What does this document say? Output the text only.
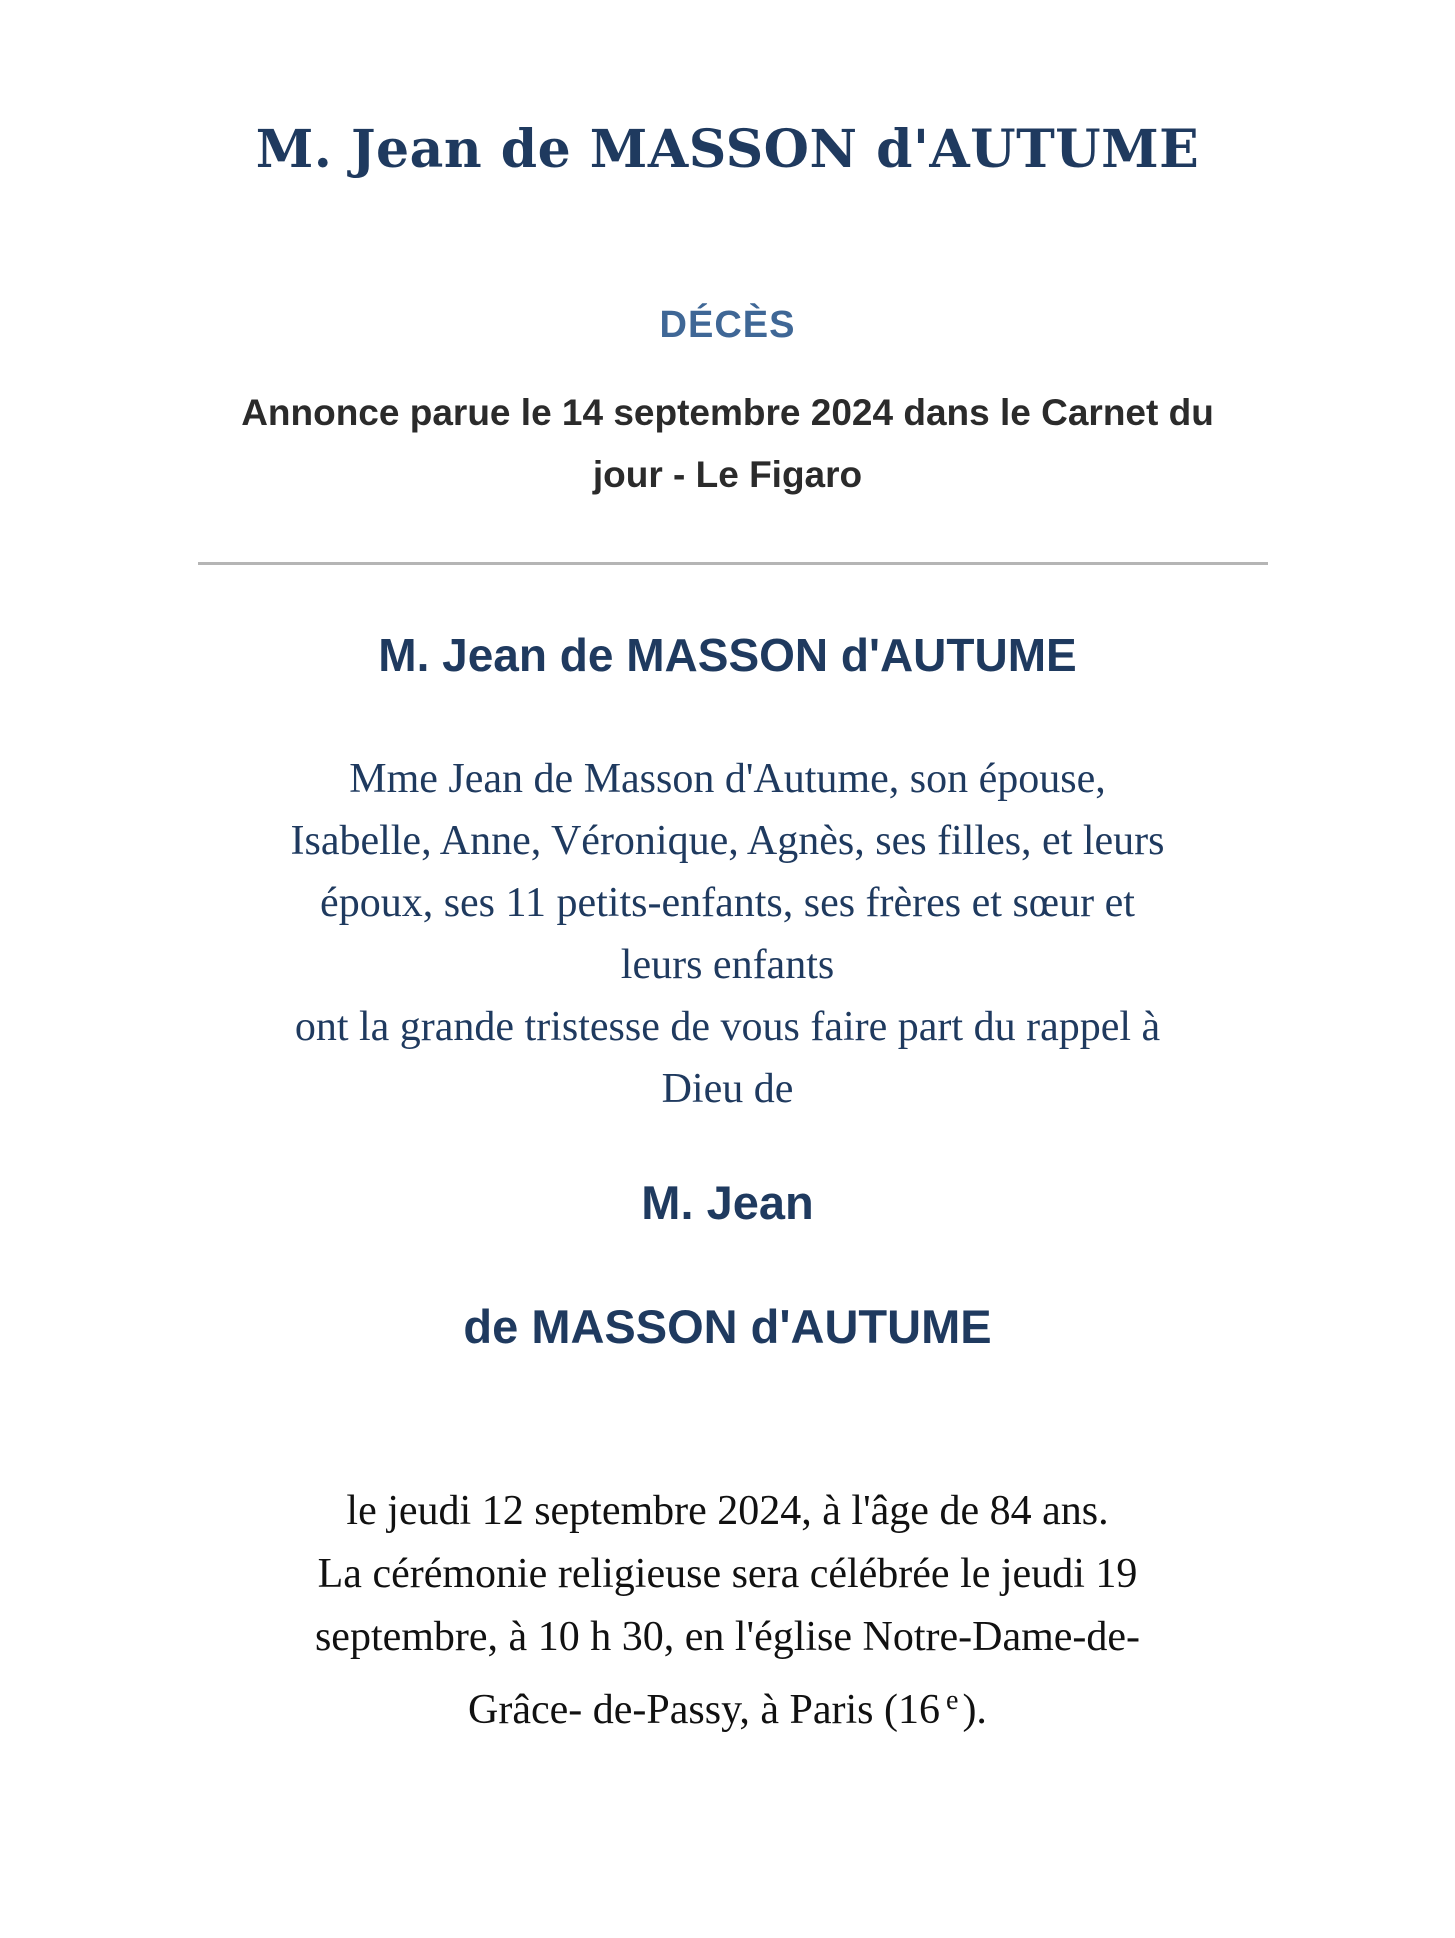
M. Jean de MASSON d'AUTUME
DÉCÈS

Annonce parue le 14 septembre 2024 dans le Carnet du
jour - Le Figaro

M. Jean de MASSON d'AUTUME

Mme Jean de Masson d'Autume, son épouse,
Isabelle, Anne, Véronique, Agnès, ses filles, et leurs
époux, ses 11 petits-enfants, ses frères et sœur et
leurs enfants
ont la grande tristesse de vous faire part du rappel à
Dieu de

M. Jean
de MASSON d'AUTUME

le jeudi 12 septembre 2024, à l'âge de 84 ans.
La cérémonie religieuse sera célébrée le jeudi 19
septembre, à 10 h 30, en l'église Notre-Dame-de-
Grâce- de-Passy, à Paris (16 $^e$).
